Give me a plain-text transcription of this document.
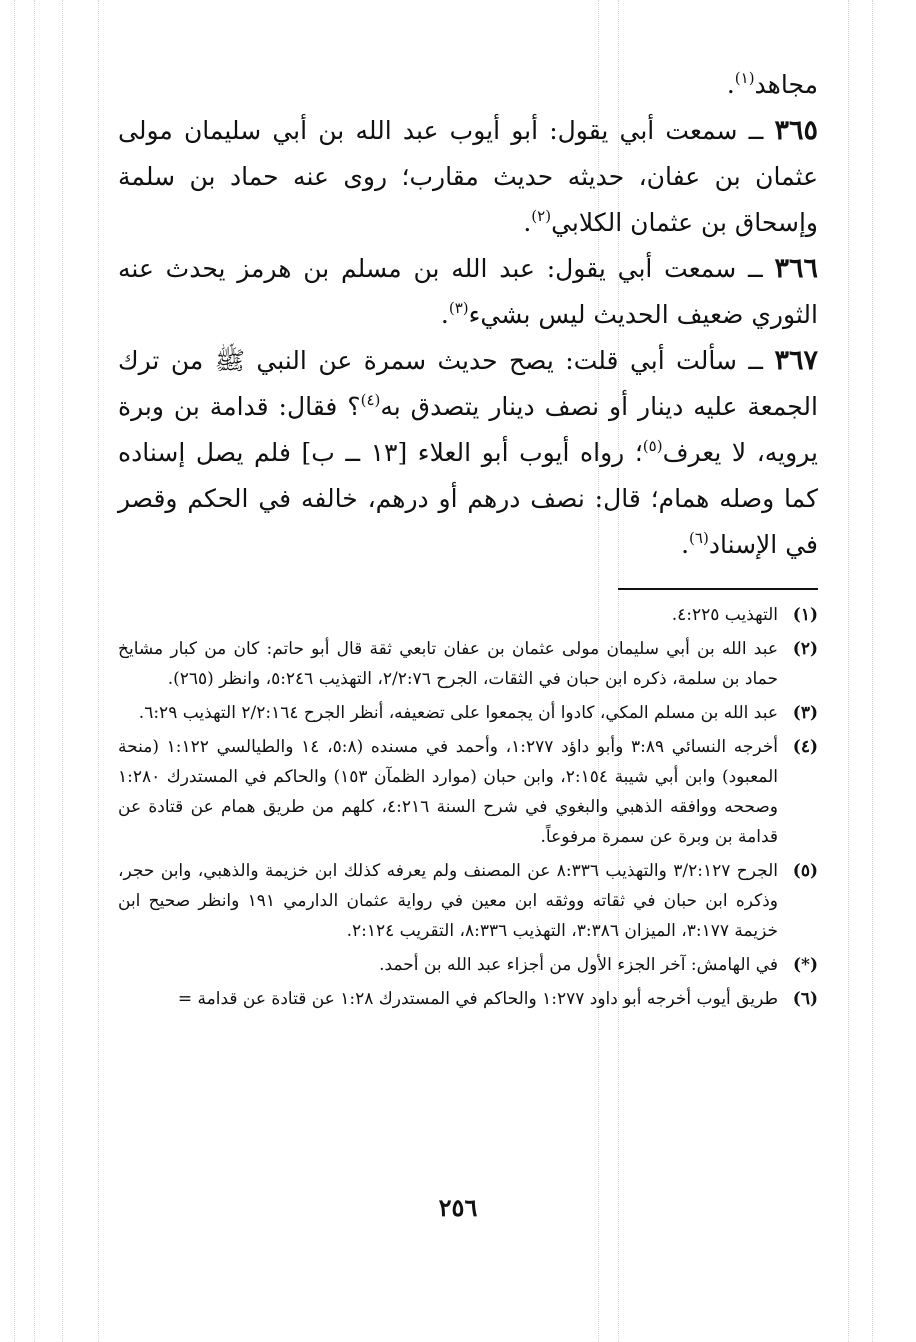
مجاهد$^{(١)}$.

٣٦٥ ــ سمعت أبي يقول: أبو أيوب عبد الله بن أبي سليمان مولى عثمان بن عفان، حديثه حديث مقارب؛ روى عنه حماد بن سلمة وإسحاق بن عثمان الكلابي$^{(٢)}$.

٣٦٦ ــ سمعت أبي يقول: عبد الله بن مسلم بن هرمز يحدث عنه الثوري ضعيف الحديث ليس بشيء$^{(٣)}$.

٣٦٧ ــ سألت أبي قلت: يصح حديث سمرة عن النبي ﷺ من ترك الجمعة عليه دينار أو نصف دينار يتصدق به$^{(٤)}$؟ فقال: قدامة بن وبرة يرويه، لا يعرف$^{(٥)}$؛ رواه أيوب أبو العلاء [١٣ ــ ب] فلم يصل إسناده كما وصله همام؛ قال: نصف درهم أو درهم، خالفه في الحكم وقصر في الإسناد$^{(٦)}$.

(١)
التهذيب ٤:٢٢٥.
(٢)
عبد الله بن أبي سليمان مولى عثمان بن عفان تابعي ثقة قال أبو حاتم: كان من كبار مشايخ حماد بن سلمة، ذكره ابن حبان في الثقات، الجرح ٢/٢:٧٦، التهذيب ٥:٢٤٦، وانظر (٢٦٥).
(٣)
عبد الله بن مسلم المكي، كادوا أن يجمعوا على تضعيفه، أنظر الجرح ٢/٢:١٦٤ التهذيب ٦:٢٩.
(٤)
أخرجه النسائي ٣:٨٩ وأبو داؤد ١:٢٧٧، وأحمد في مسنده (٥:٨، ١٤ والطيالسي ١:١٢٢ (منحة المعبود) وابن أبي شيبة ٢:١٥٤، وابن حبان (موارد الظمآن ١٥٣) والحاكم في المستدرك ١:٢٨٠ وصححه ووافقه الذهبي والبغوي في شرح السنة ٤:٢١٦، كلهم من طريق همام عن قتادة عن قدامة بن وبرة عن سمرة مرفوعاً.
(٥)
الجرح ٣/٢:١٢٧ والتهذيب ٨:٣٣٦ عن المصنف ولم يعرفه كذلك ابن خزيمة والذهبي، وابن حجر، وذكره ابن حبان في ثقاته ووثقه ابن معين في رواية عثمان الدارمي ١٩١ وانظر صحيح ابن خزيمة ٣:١٧٧، الميزان ٣:٣٨٦، التهذيب ٨:٣٣٦، التقريب ٢:١٢٤.
(*)
في الهامش: آخر الجزء الأول من أجزاء عبد الله بن أحمد.
(٦)
طريق أيوب أخرجه أبو داود ١:٢٧٧ والحاكم في المستدرك ١:٢٨ عن قتادة عن قدامة =
٢٥٦
